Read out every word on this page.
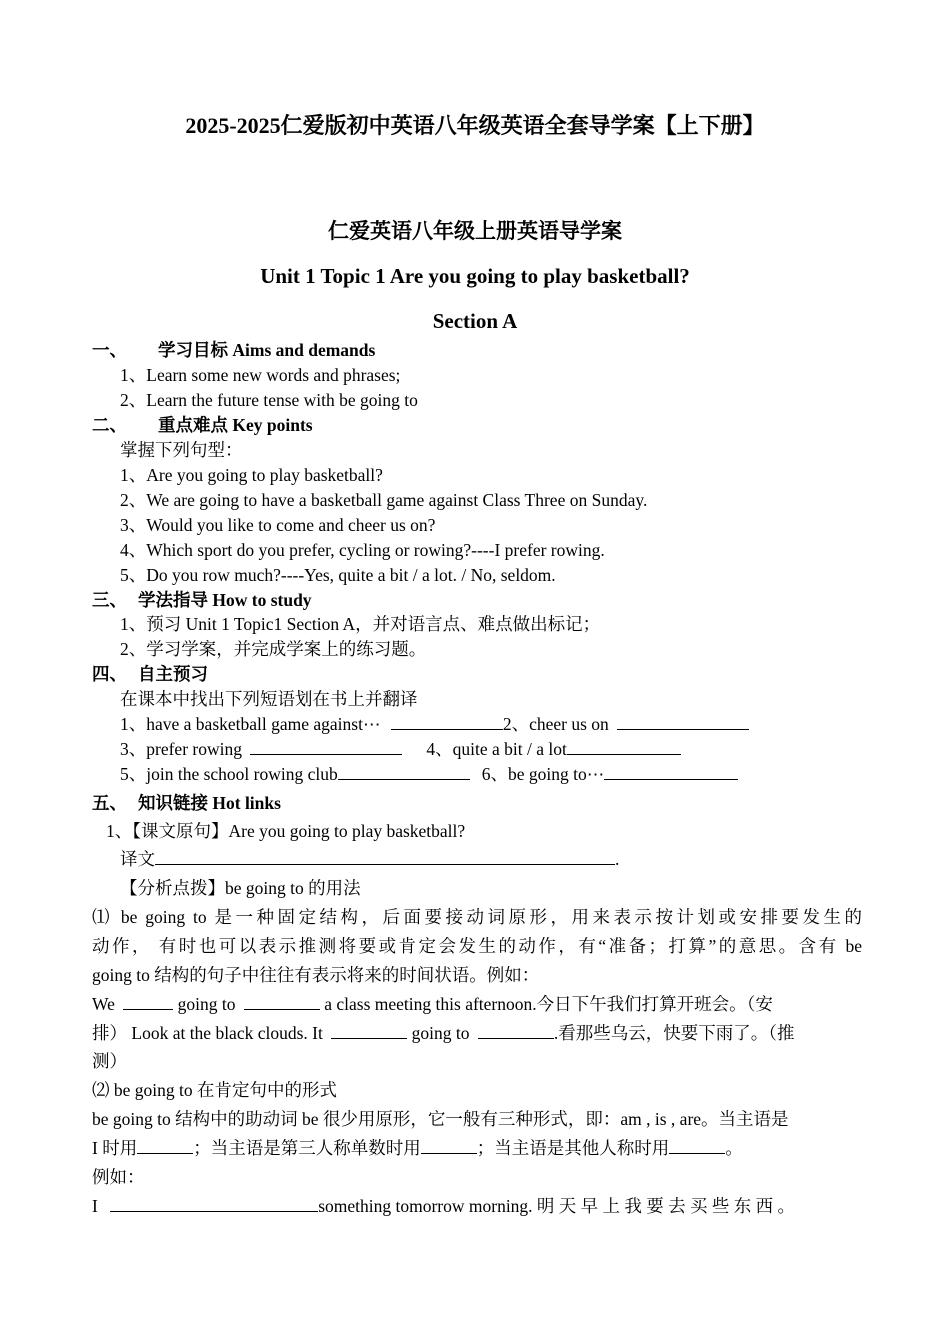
2025-2025仁爱版初中英语八年级英语全套导学案【上下册】
仁爱英语八年级上册英语导学案
Unit 1 Topic 1 Are you going to play basketball?
Section A
一、 学习目标 Aims and demands
1、Learn some new words and phrases;
2、Learn the future tense with be going to
二、 重点难点 Key points
掌握下列句型：
1、Are you going to play basketball?
2、We are going to have a basketball game against Class Three on Sunday.
3、Would you like to come and cheer us on?
4、Which sport do you prefer, cycling or rowing?----I prefer rowing.
5、Do you row much?----Yes, quite a bit / a lot. / No, seldom.
三、 学法指导 How to study
1、预习 Unit 1 Topic1 Section A，并对语言点、难点做出标记；
2、学习学案，并完成学案上的练习题。
四、 自主预习
在课本中找出下列短语划在书上并翻译
1、have a basketball game against⋯	2、cheer us on
3、prefer rowing	4、quite a bit / a lot
5、join the school rowing club	6、be going to⋯
五、 知识链接 Hot links
1、【课文原句】Are you going to play basketball?
译文	.
【分析点拨】be going to 的用法
⑴ be going to 是一种固定结构，后面要接动词原形，用来表示按计划或安排要发生的
动作， 有时也可以表示推测将要或肯定会发生的动作，有“准备；打算”的意思。含有 be
going to 结构的句子中往往有表示将来的时间状语。例如：
We	going to	a class meeting this afternoon.今日下午我们打算开班会。（安
排） Look at the black clouds. It	going to	.看那些乌云，快要下雨了。（推
测）
⑵ be going to 在肯定句中的形式
be going to 结构中的助动词 be 很少用原形，它一般有三种形式，即：am , is , are。当主语是
I 时用	；当主语是第三人称单数时用	；当主语是其他人称时用	。
例如：
I	something tomorrow morning. 明 天 早 上 我 要 去 买 些 东 西 。
